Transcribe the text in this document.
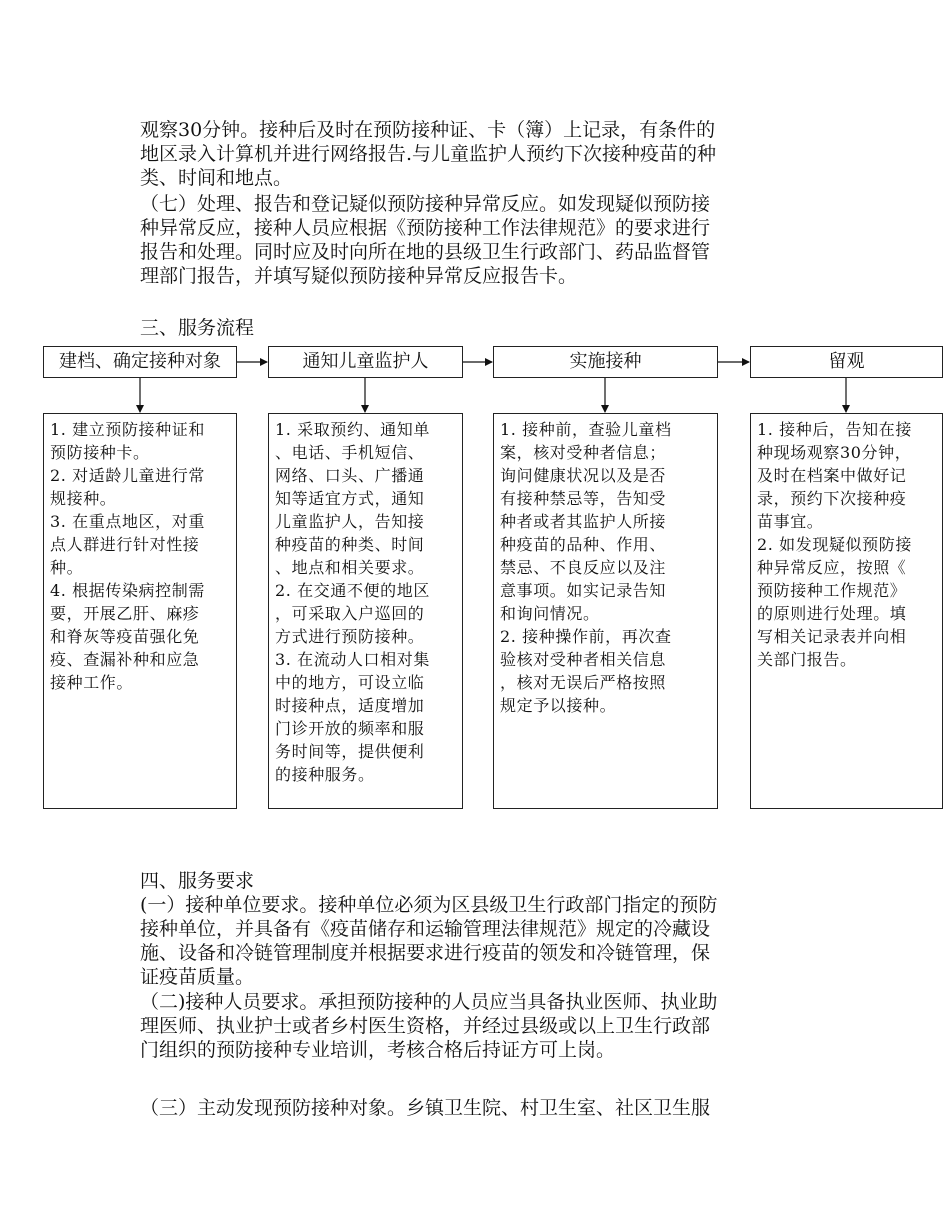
观察30分钟。接种后及时在预防接种证、卡（簿）上记录，有条件的
地区录入计算机并进行网络报告.与儿童监护人预约下次接种疫苗的种
类、时间和地点。
（七）处理、报告和登记疑似预防接种异常反应。如发现疑似预防接
种异常反应，接种人员应根据《预防接种工作法律规范》的要求进行
报告和处理。同时应及时向所在地的县级卫生行政部门、药品监督管
理部门报告，并填写疑似预防接种异常反应报告卡。
三、服务流程
建档、确定接种对象	通知儿童监护人	实施接种	留观
1. 建立预防接种证和
预防接种卡。
2. 对适龄儿童进行常
规接种。
3. 在重点地区，对重
点人群进行针对性接
种。
4. 根据传染病控制需
要，开展乙肝、麻疹
和脊灰等疫苗强化免
疫、查漏补种和应急
接种工作。
1. 采取预约、通知单
、电话、手机短信、
网络、口头、广播通
知等适宜方式，通知
儿童监护人，告知接
种疫苗的种类、时间
、地点和相关要求。
2. 在交通不便的地区
，可采取入户巡回的
方式进行预防接种。
3. 在流动人口相对集
中的地方，可设立临
时接种点，适度增加
门诊开放的频率和服
务时间等，提供便利
的接种服务。
1. 接种前，查验儿童档
案，核对受种者信息；
询问健康状况以及是否
有接种禁忌等，告知受
种者或者其监护人所接
种疫苗的品种、作用、
禁忌、不良反应以及注
意事项。如实记录告知
和询问情况。
2. 接种操作前，再次查
验核对受种者相关信息
，核对无误后严格按照
规定予以接种。
1. 接种后，告知在接
种现场观察30分钟，
及时在档案中做好记
录，预约下次接种疫
苗事宜。
2. 如发现疑似预防接
种异常反应，按照《
预防接种工作规范》
的原则进行处理。填
写相关记录表并向相
关部门报告。
四、服务要求
(一）接种单位要求。接种单位必须为区县级卫生行政部门指定的预防
接种单位，并具备有《疫苗储存和运输管理法律规范》规定的冷藏设
施、设备和冷链管理制度并根据要求进行疫苗的领发和冷链管理，保
证疫苗质量。
（二)接种人员要求。承担预防接种的人员应当具备执业医师、执业助
理医师、执业护士或者乡村医生资格，并经过县级或以上卫生行政部
门组织的预防接种专业培训，考核合格后持证方可上岗。
（三）主动发现预防接种对象。乡镇卫生院、村卫生室、社区卫生服
